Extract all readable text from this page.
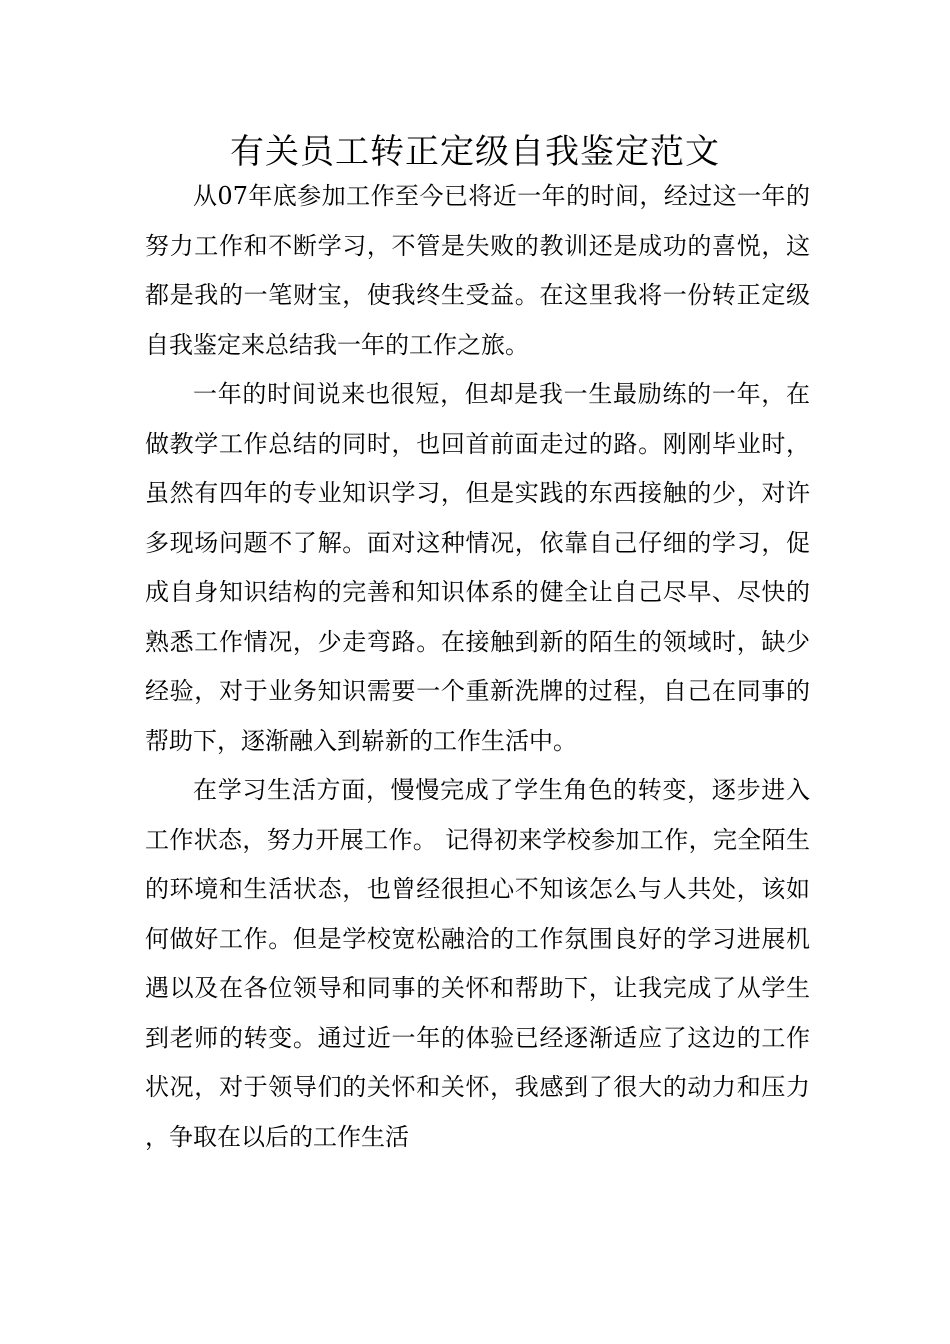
有关员工转正定级自我鉴定范文

从07年底参加工作至今已将近一年的时间，经过这一年的努力工作和不断学习，不管是失败的教训还是成功的喜悦，这都是我的一笔财宝，使我终生受益。在这里我将一份转正定级自我鉴定来总结我一年的工作之旅。

一年的时间说来也很短，但却是我一生最励练的一年，在做教学工作总结的同时，也回首前面走过的路。刚刚毕业时，虽然有四年的专业知识学习，但是实践的东西接触的少，对许多现场问题不了解。面对这种情况，依靠自己仔细的学习，促成自身知识结构的完善和知识体系的健全让自己尽早、尽快的熟悉工作情况，少走弯路。在接触到新的陌生的领域时，缺少经验，对于业务知识需要一个重新洗牌的过程，自己在同事的帮助下，逐渐融入到崭新的工作生活中。

在学习生活方面，慢慢完成了学生角色的转变，逐步进入工作状态，努力开展工作。 记得初来学校参加工作，完全陌生的环境和生活状态，也曾经很担心不知该怎么与人共处，该如何做好工作。但是学校宽松融洽的工作氛围良好的学习进展机遇以及在各位领导和同事的关怀和帮助下，让我完成了从学生到老师的转变。通过近一年的体验已经逐渐适应了这边的工作状况，对于领导们的关怀和关怀，我感到了很大的动力和压力，争取在以后的工作生活
